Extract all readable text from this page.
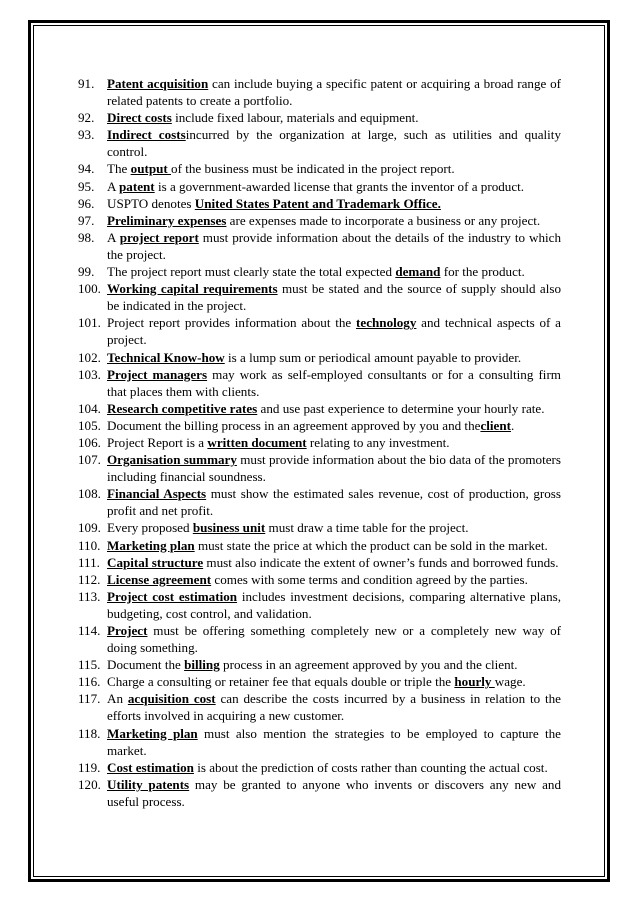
91. Patent acquisition can include buying a specific patent or acquiring a broad range of related patents to create a portfolio.
92. Direct costs include fixed labour, materials and equipment.
93. Indirect costsincurred by the organization at large, such as utilities and quality control.
94. The output of the business must be indicated in the project report.
95. A patent is a government-awarded license that grants the inventor of a product.
96. USPTO denotes United States Patent and Trademark Office.
97. Preliminary expenses are expenses made to incorporate a business or any project.
98. A project report must provide information about the details of the industry to which the project.
99. The project report must clearly state the total expected demand for the product.
100. Working capital requirements must be stated and the source of supply should also be indicated in the project.
101. Project report provides information about the technology and technical aspects of a project.
102. Technical Know-how is a lump sum or periodical amount payable to provider.
103. Project managers may work as self-employed consultants or for a consulting firm that places them with clients.
104. Research competitive rates and use past experience to determine your hourly rate.
105. Document the billing process in an agreement approved by you and theclient.
106. Project Report is a written document relating to any investment.
107. Organisation summary must provide information about the bio data of the promoters including financial soundness.
108. Financial Aspects must show the estimated sales revenue, cost of production, gross profit and net profit.
109. Every proposed business unit must draw a time table for the project.
110. Marketing plan must state the price at which the product can be sold in the market.
111. Capital structure must also indicate the extent of owner’s funds and borrowed funds.
112. License agreement comes with some terms and condition agreed by the parties.
113. Project cost estimation includes investment decisions, comparing alternative plans, budgeting, cost control, and validation.
114. Project must be offering something completely new or a completely new way of doing something.
115. Document the billing process in an agreement approved by you and the client.
116. Charge a consulting or retainer fee that equals double or triple the hourly wage.
117. An acquisition cost can describe the costs incurred by a business in relation to the efforts involved in acquiring a new customer.
118. Marketing plan must also mention the strategies to be employed to capture the market.
119. Cost estimation is about the prediction of costs rather than counting the actual cost.
120. Utility patents may be granted to anyone who invents or discovers any new and useful process.
